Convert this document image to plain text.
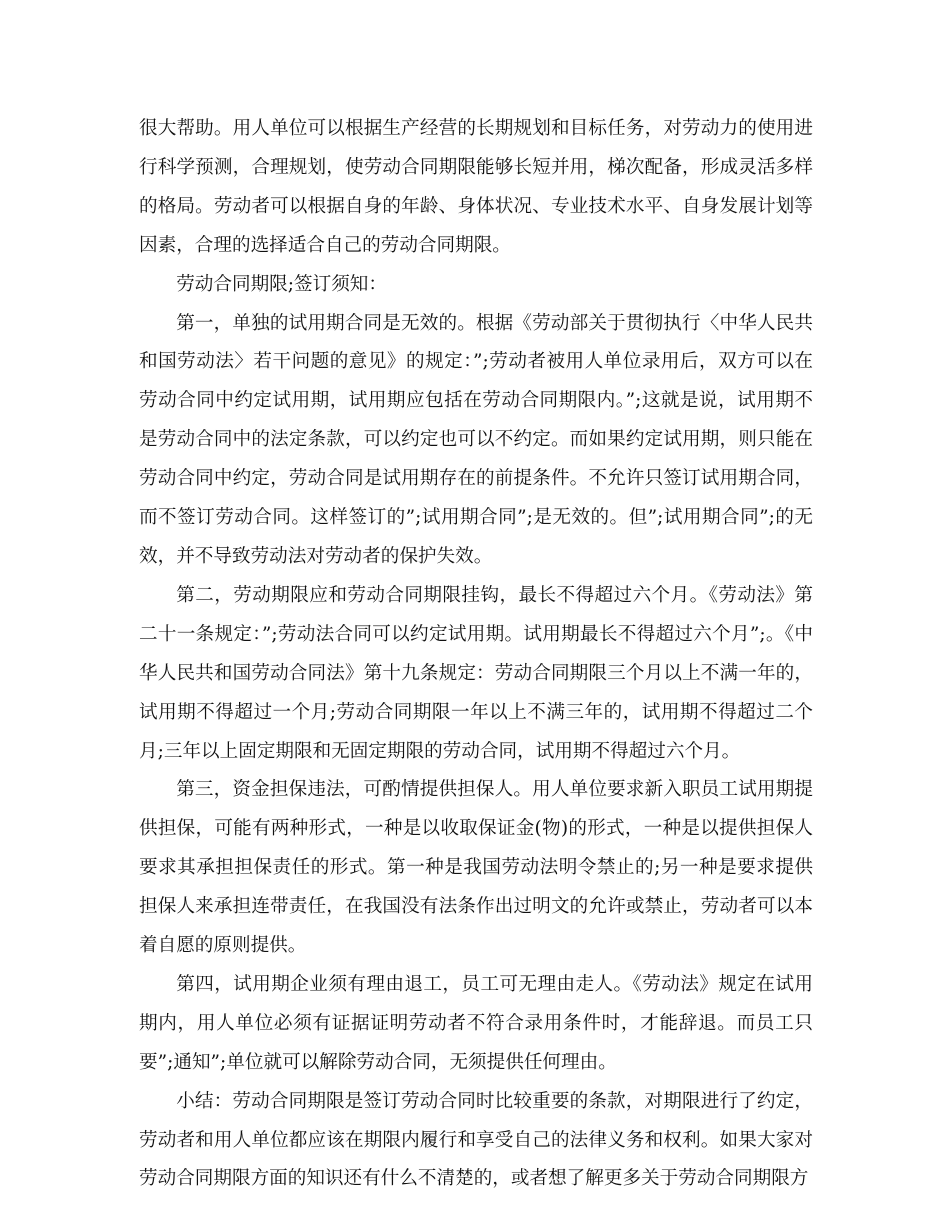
很大帮助。用人单位可以根据生产经营的长期规划和目标任务，对劳动力的使用进行科学预测，合理规划，使劳动合同期限能够长短并用，梯次配备，形成灵活多样的格局。劳动者可以根据自身的年龄、身体状况、专业技术水平、自身发展计划等因素，合理的选择适合自己的劳动合同期限。

劳动合同期限;签订须知：

第一，单独的试用期合同是无效的。根据《劳动部关于贯彻执行〈中华人民共和国劳动法〉若干问题的意见》的规定：”;劳动者被用人单位录用后，双方可以在劳动合同中约定试用期，试用期应包括在劳动合同期限内。”;这就是说，试用期不是劳动合同中的法定条款，可以约定也可以不约定。而如果约定试用期，则只能在劳动合同中约定，劳动合同是试用期存在的前提条件。不允许只签订试用期合同，而不签订劳动合同。这样签订的”;试用期合同”;是无效的。但”;试用期合同”;的无效，并不导致劳动法对劳动者的保护失效。

第二，劳动期限应和劳动合同期限挂钩，最长不得超过六个月。《劳动法》第二十一条规定：”;劳动法合同可以约定试用期。试用期最长不得超过六个月”;。《中华人民共和国劳动合同法》第十九条规定：劳动合同期限三个月以上不满一年的，试用期不得超过一个月;劳动合同期限一年以上不满三年的，试用期不得超过二个月;三年以上固定期限和无固定期限的劳动合同，试用期不得超过六个月。

第三，资金担保违法，可酌情提供担保人。用人单位要求新入职员工试用期提供担保，可能有两种形式，一种是以收取保证金(物)的形式，一种是以提供担保人要求其承担担保责任的形式。第一种是我国劳动法明令禁止的;另一种是要求提供担保人来承担连带责任，在我国没有法条作出过明文的允许或禁止，劳动者可以本着自愿的原则提供。

第四，试用期企业须有理由退工，员工可无理由走人。《劳动法》规定在试用期内，用人单位必须有证据证明劳动者不符合录用条件时，才能辞退。而员工只要”;通知”;单位就可以解除劳动合同，无须提供任何理由。

小结：劳动合同期限是签订劳动合同时比较重要的条款，对期限进行了约定，劳动者和用人单位都应该在期限内履行和享受自己的法律义务和权利。如果大家对劳动合同期限方面的知识还有什么不清楚的，或者想了解更多关于劳动合同期限方
